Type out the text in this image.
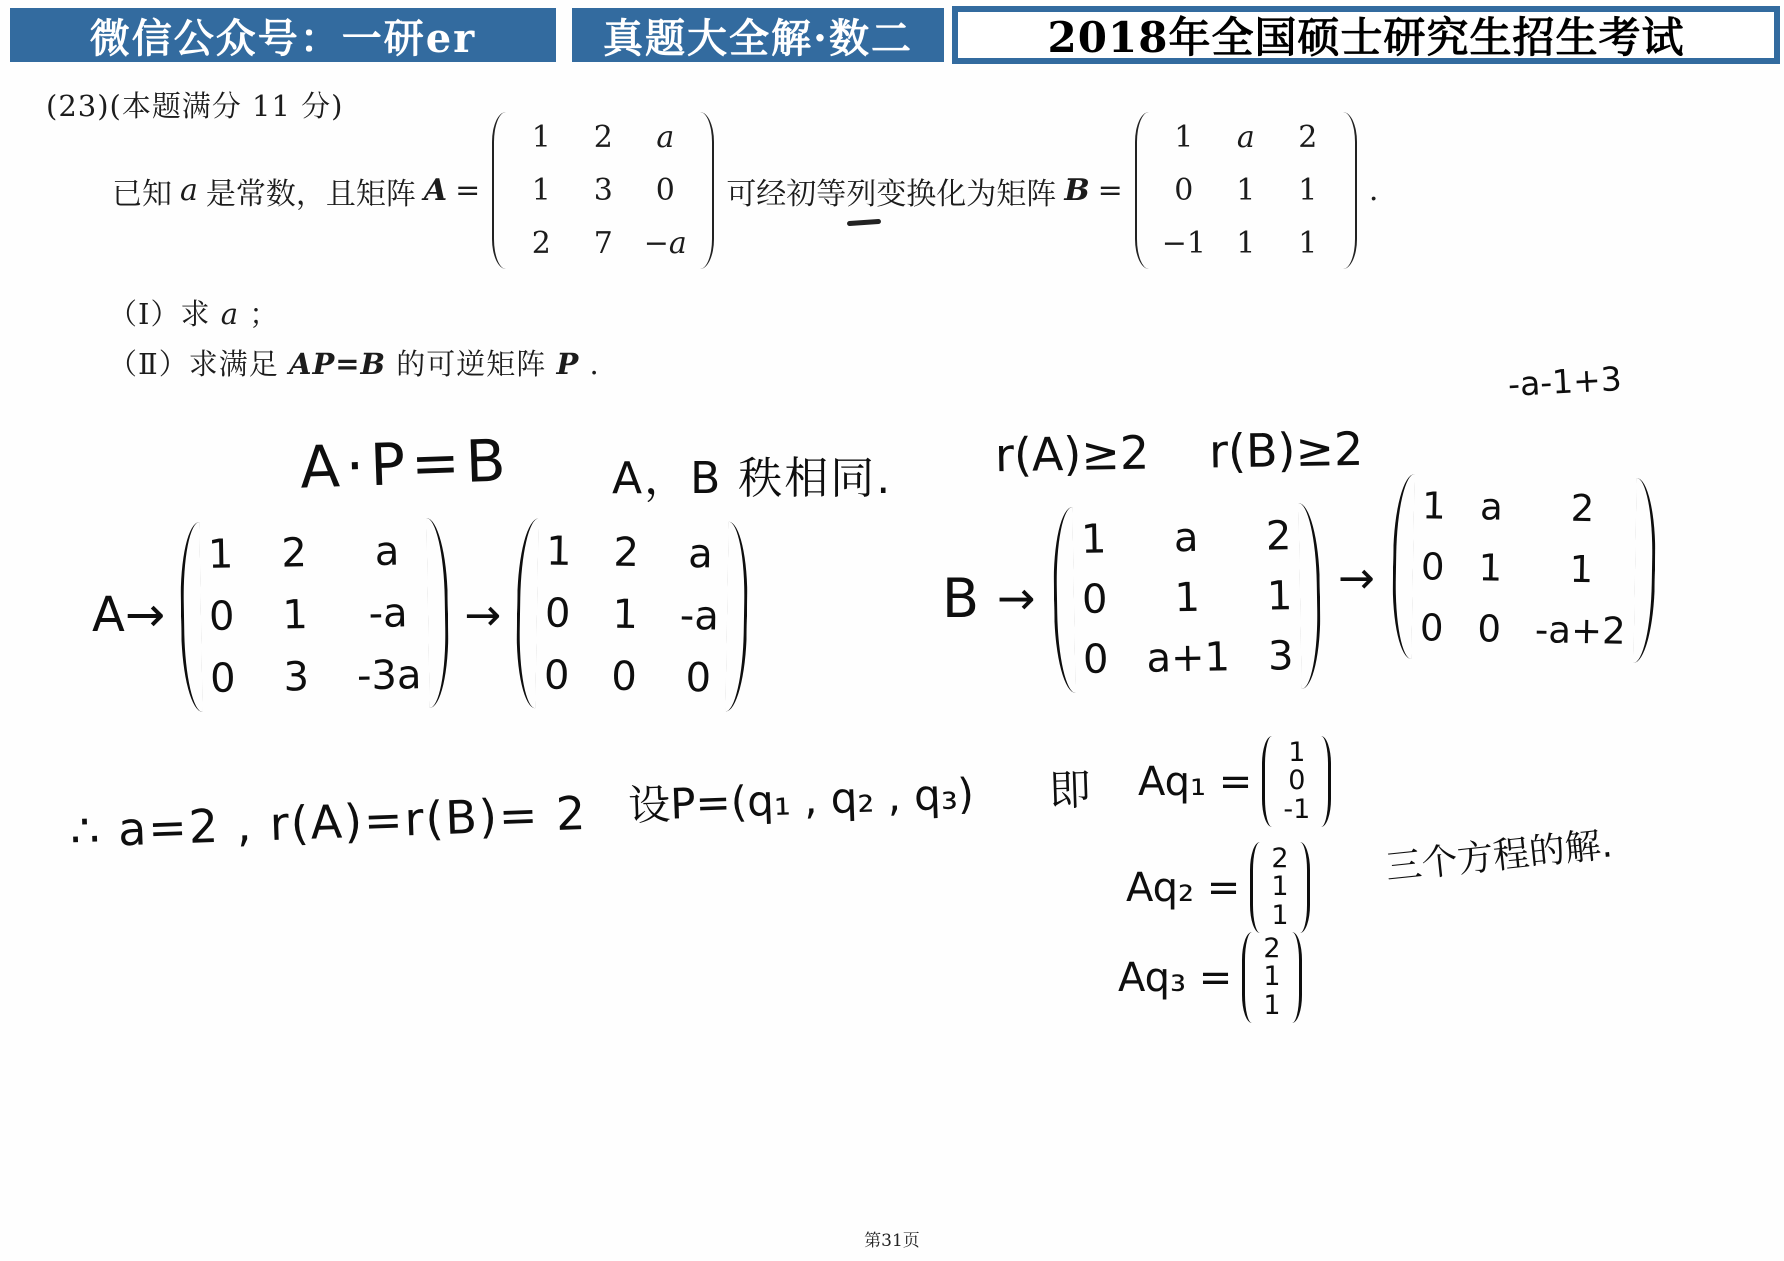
微信公众号：一研er	真题大全解·数二	2018年全国硕士研究生招生考试
(23)(本题满分 11 分)
已知 a 是常数，且矩阵 A =
1	2	a
1	3	0
2	7	−a
可经初等列变换化为矩阵 B =
1	a	2
0	1	1
−1	1	1
.
（Ⅰ）求 a ；
（Ⅱ）求满足 AP=B 的可逆矩阵 P .	-a-1+3
A·P=B A，B 秩相同. r(A)≥2 r(B)≥2
A→
1 2 a
0 1 -a
0 3 -3a
→
1 2 a
0 1 -a
0 0 0
B →
1 a 2
0 1 1
0 a+1 3
→
1 a 2
0 1 1
0 0 -a+2
∴ a=2 , r(A)=r(B)= 2 设P=(q₁ , q₂ , q₃) 即 Aq₁ =
1
0
-1
Aq₂ =
2
1
1
三个方程的解.
Aq₃ =
2
1
1
第31页
